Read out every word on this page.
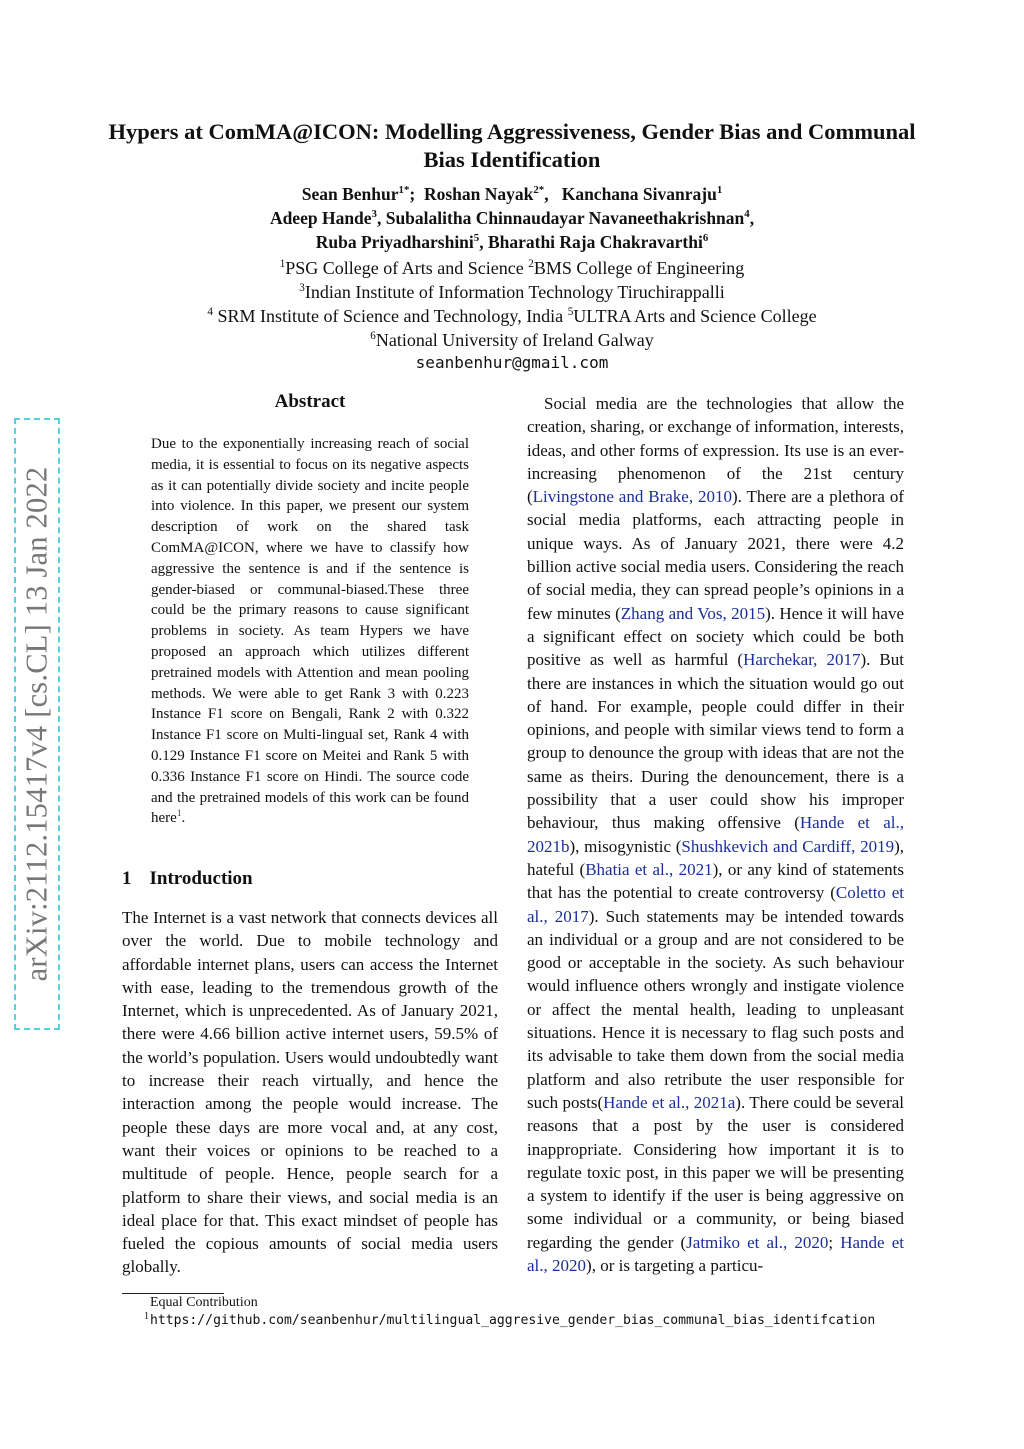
arXiv:2112.15417v4 [cs.CL] 13 Jan 2022
Hypers at ComMA@ICON: Modelling Aggressiveness, Gender Bias and Communal Bias Identification
Sean Benhur$^{1*}$;  Roshan Nayak$^{2*}$,   Kanchana Sivanraju$^1$
Adeep Hande$^3$, Subalalitha Chinnaudayar Navaneethakrishnan$^4$,
Ruba Priyadharshini$^5$, Bharathi Raja Chakravarthi$^6$
$^1$PSG College of Arts and Science $^2$BMS College of Engineering
$^3$Indian Institute of Information Technology Tiruchirappalli
$^4$ SRM Institute of Science and Technology, India $^5$ULTRA Arts and Science College
$^6$National University of Ireland Galway
seanbenhur@gmail.com
Abstract

Due to the exponentially increasing reach of social media, it is essential to focus on its negative aspects as it can potentially divide society and incite people into violence. In this paper, we present our system description of work on the shared task ComMA@ICON, where we have to classify how aggressive the sentence is and if the sentence is gender-biased or communal-biased.These three could be the primary reasons to cause significant problems in society. As team Hypers we have proposed an approach which utilizes different pretrained models with Attention and mean pooling methods. We were able to get Rank 3 with 0.223 Instance F1 score on Bengali, Rank 2 with 0.322 Instance F1 score on Multi-lingual set, Rank 4 with 0.129 Instance F1 score on Meitei and Rank 5 with 0.336 Instance F1 score on Hindi. The source code and the pretrained models of this work can be found here$^1$.

1 Introduction

The Internet is a vast network that connects devices all over the world. Due to mobile technology and affordable internet plans, users can access the Internet with ease, leading to the tremendous growth of the Internet, which is unprecedented. As of January 2021, there were 4.66 billion active internet users, 59.5% of the world’s population. Users would undoubtedly want to increase their reach virtually, and hence the interaction among the people would increase. The people these days are more vocal and, at any cost, want their voices or opinions to be reached to a multitude of people. Hence, people search for a platform to share their views, and social media is an ideal place for that. This exact mindset of people has fueled the copious amounts of social media users globally.

 Social media are the technologies that allow the creation, sharing, or exchange of information, interests, ideas, and other forms of expression. Its use is an ever-increasing phenomenon of the 21st century (Livingstone and Brake, 2010). There are a plethora of social media platforms, each attracting people in unique ways. As of January 2021, there were 4.2 billion active social media users. Considering the reach of social media, they can spread people’s opinions in a few minutes (Zhang and Vos, 2015). Hence it will have a significant effect on society which could be both positive as well as harmful (Harchekar, 2017). But there are instances in which the situation would go out of hand. For example, people could differ in their opinions, and people with similar views tend to form a group to denounce the group with ideas that are not the same as theirs. During the denouncement, there is a possibility that a user could show his improper behaviour, thus making offensive (Hande et al., 2021b), misogynistic (Shushkevich and Cardiff, 2019), hateful (Bhatia et al., 2021), or any kind of statements that has the potential to create controversy (Coletto et al., 2017). Such statements may be intended towards an individual or a group and are not considered to be good or acceptable in the society. As such behaviour would influence others wrongly and instigate violence or affect the mental health, leading to unpleasant situations. Hence it is necessary to flag such posts and its advisable to take them down from the social media platform and also retribute the user responsible for such posts(Hande et al., 2021a). There could be several reasons that a post by the user is considered inappropriate. Considering how important it is to regulate toxic post, in this paper we will be presenting a system to identify if the user is being aggressive on some individual or a community, or being biased regarding the gender (Jatmiko et al., 2020; Hande et al., 2020), or is targeting a particu-

Equal Contribution
$^1$https://github.com/seanbenhur/multilingual_aggresive_gender_bias_communal_bias_identifcation
